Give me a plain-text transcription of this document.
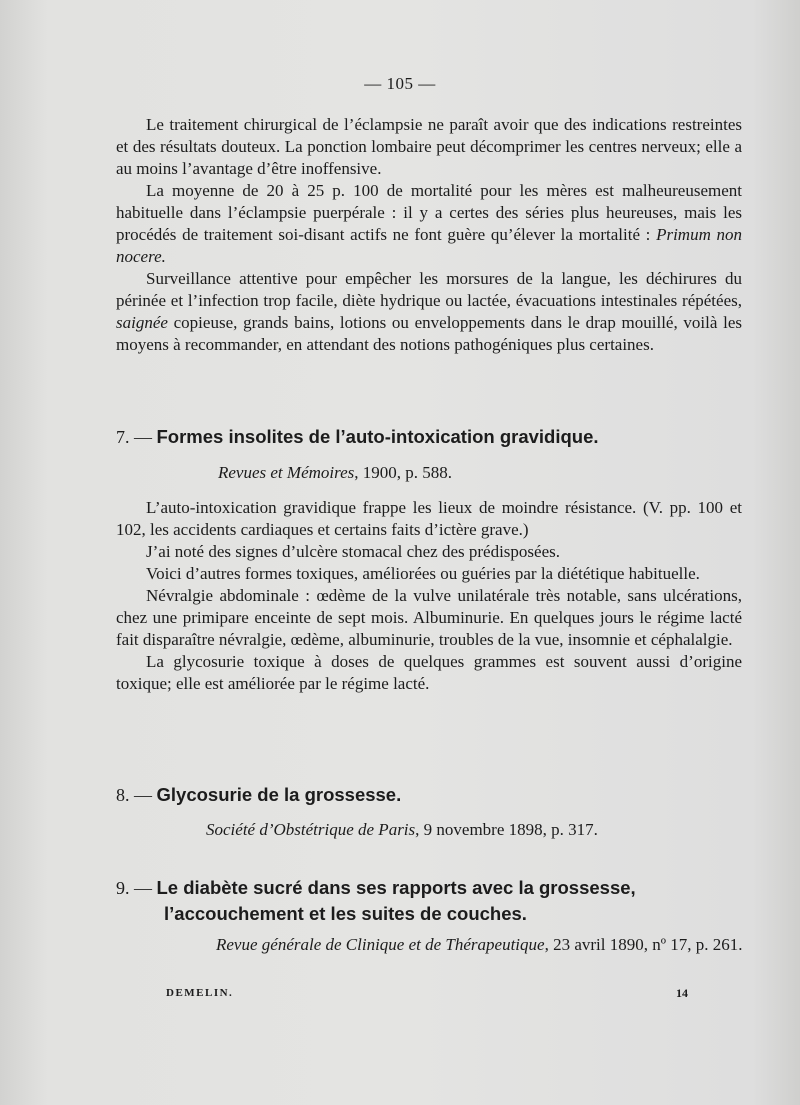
— 105 —

Le traitement chirurgical de l’éclampsie ne paraît avoir que des indications restreintes et des résultats douteux. La ponction lombaire peut décomprimer les centres nerveux; elle a au moins l’avantage d’être inoffensive.

La moyenne de 20 à 25 p. 100 de mortalité pour les mères est malheureusement habituelle dans l’éclampsie puerpérale : il y a certes des séries plus heureuses, mais les procédés de traitement soi-disant actifs ne font guère qu’élever la mortalité : Primum non nocere.

Surveillance attentive pour empêcher les morsures de la langue, les déchirures du périnée et l’infection trop facile, diète hydrique ou lactée, évacuations intestinales répétées, saignée copieuse, grands bains, lotions ou enveloppements dans le drap mouillé, voilà les moyens à recommander, en attendant des notions pathogéniques plus certaines.

7. — Formes insolites de l’auto-intoxication gravidique.
Revues et Mémoires, 1900, p. 588.

L’auto-intoxication gravidique frappe les lieux de moindre résistance. (V. pp. 100 et 102, les accidents cardiaques et certains faits d’ictère grave.)

J’ai noté des signes d’ulcère stomacal chez des prédisposées.

Voici d’autres formes toxiques, améliorées ou guéries par la diététique habituelle.

Névralgie abdominale : œdème de la vulve unilatérale très notable, sans ulcérations, chez une primipare enceinte de sept mois. Albuminurie. En quelques jours le régime lacté fait disparaître névralgie, œdème, albuminurie, troubles de la vue, insomnie et céphalalgie.

La glycosurie toxique à doses de quelques grammes est souvent aussi d’origine toxique; elle est améliorée par le régime lacté.

8. — Glycosurie de la grossesse.
Société d’Obstétrique de Paris, 9 novembre 1898, p. 317.
9. — Le diabète sucré dans ses rapports avec la grossesse, l’accouchement et les suites de couches.
Revue générale de Clinique et de Thérapeutique, 23 avril 1890, nº 17, p. 261.
DEMELIN.	14
